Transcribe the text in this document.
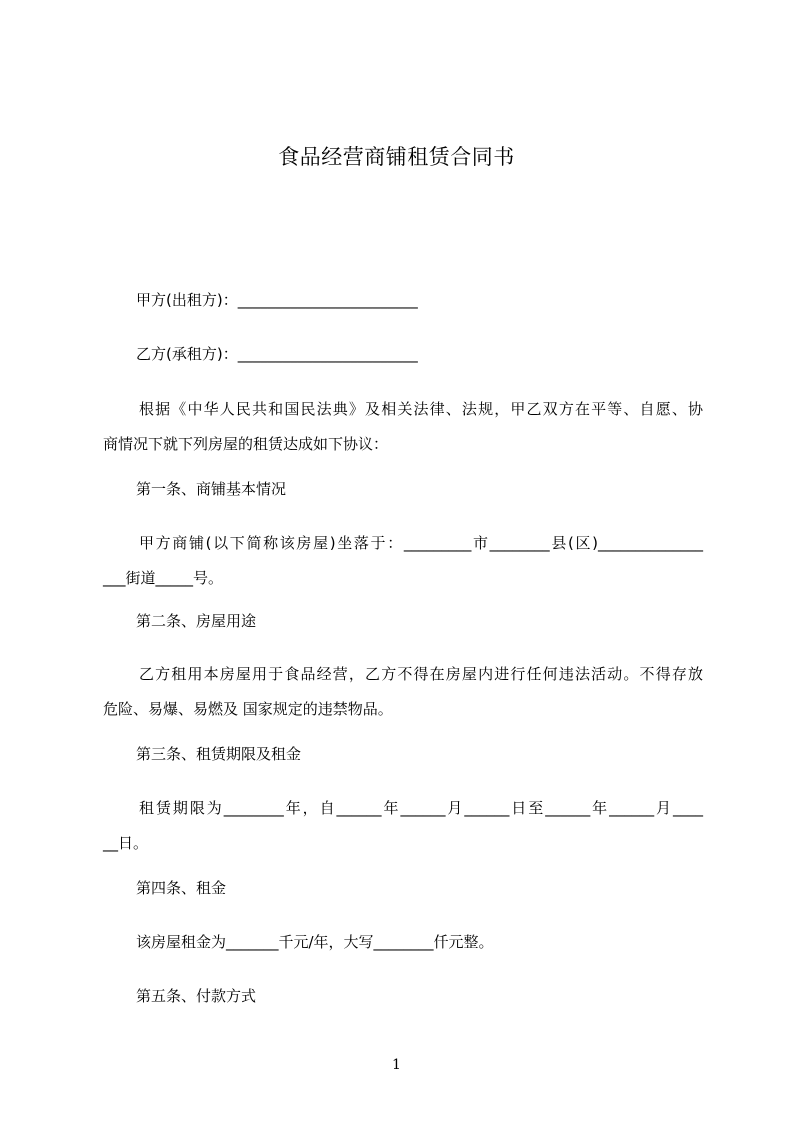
食品经营商铺租赁合同书
甲方(出租方)：________________________
乙方(承租方)：________________________
根据《中华人民共和国民法典》及相关法律、法规，甲乙双方在平等、自愿、协
商情况下就下列房屋的租赁达成如下协议：
第一条、商铺基本情况
甲方商铺(以下简称该房屋)坐落于：_________市________县(区)______________
___街道_____号。
第二条、房屋用途
乙方租用本房屋用于食品经营，乙方不得在房屋内进行任何违法活动。不得存放
危险、易爆、易燃及 国家规定的违禁物品。
第三条、租赁期限及租金
租赁期限为________年，自______年______月______日至______年______月____
__日。
第四条、租金
该房屋租金为_______千元/年，大写________仟元整。
第五条、付款方式
1
